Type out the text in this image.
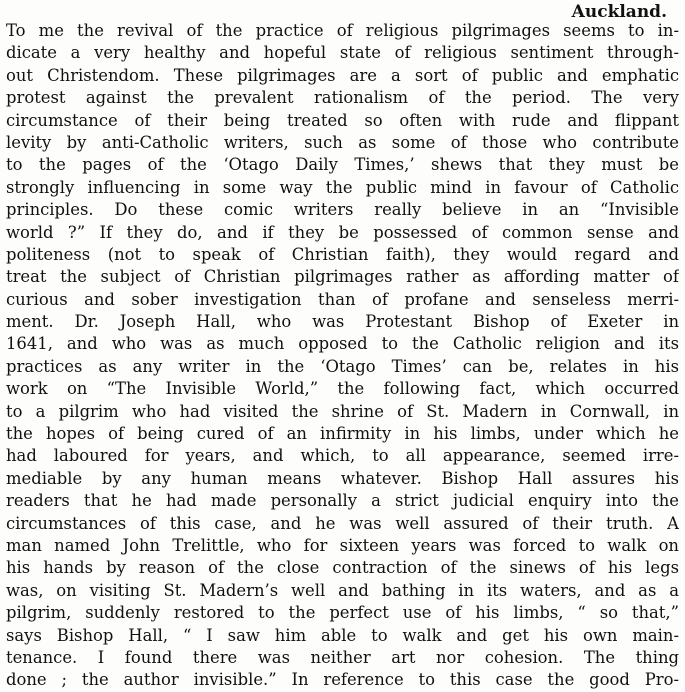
Auckland.
To me the revival of the practice of religious pilgrimages seems to in-
dicate a very healthy and hopeful state of religious sentiment through-
out Christendom. These pilgrimages are a sort of public and emphatic
protest against the prevalent rationalism of the period. The very
circumstance of their being treated so often with rude and flippant
levity by anti-Catholic writers, such as some of those who contribute
to the pages of the ‘Otago Daily Times,’ shews that they must be
strongly influencing in some way the public mind in favour of Catholic
principles. Do these comic writers really believe in an “Invisible
world ?” If they do, and if they be possessed of common sense and
politeness (not to speak of Christian faith), they would regard and
treat the subject of Christian pilgrimages rather as affording matter of
curious and sober investigation than of profane and senseless merri-
ment. Dr. Joseph Hall, who was Protestant Bishop of Exeter in
1641, and who was as much opposed to the Catholic religion and its
practices as any writer in the ‘Otago Times’ can be, relates in his
work on “The Invisible World,” the following fact, which occurred
to a pilgrim who had visited the shrine of St. Madern in Cornwall, in
the hopes of being cured of an infirmity in his limbs, under which he
had laboured for years, and which, to all appearance, seemed irre-
mediable by any human means whatever. Bishop Hall assures his
readers that he had made personally a strict judicial enquiry into the
circumstances of this case, and he was well assured of their truth. A
man named John Trelittle, who for sixteen years was forced to walk on
his hands by reason of the close contraction of the sinews of his legs
was, on visiting St. Madern’s well and bathing in its waters, and as a
pilgrim, suddenly restored to the perfect use of his limbs, “ so that,”
says Bishop Hall, “ I saw him able to walk and get his own main-
tenance. I found there was neither art nor cohesion. The thing
done ; the author invisible.” In reference to this case the good Pro-
